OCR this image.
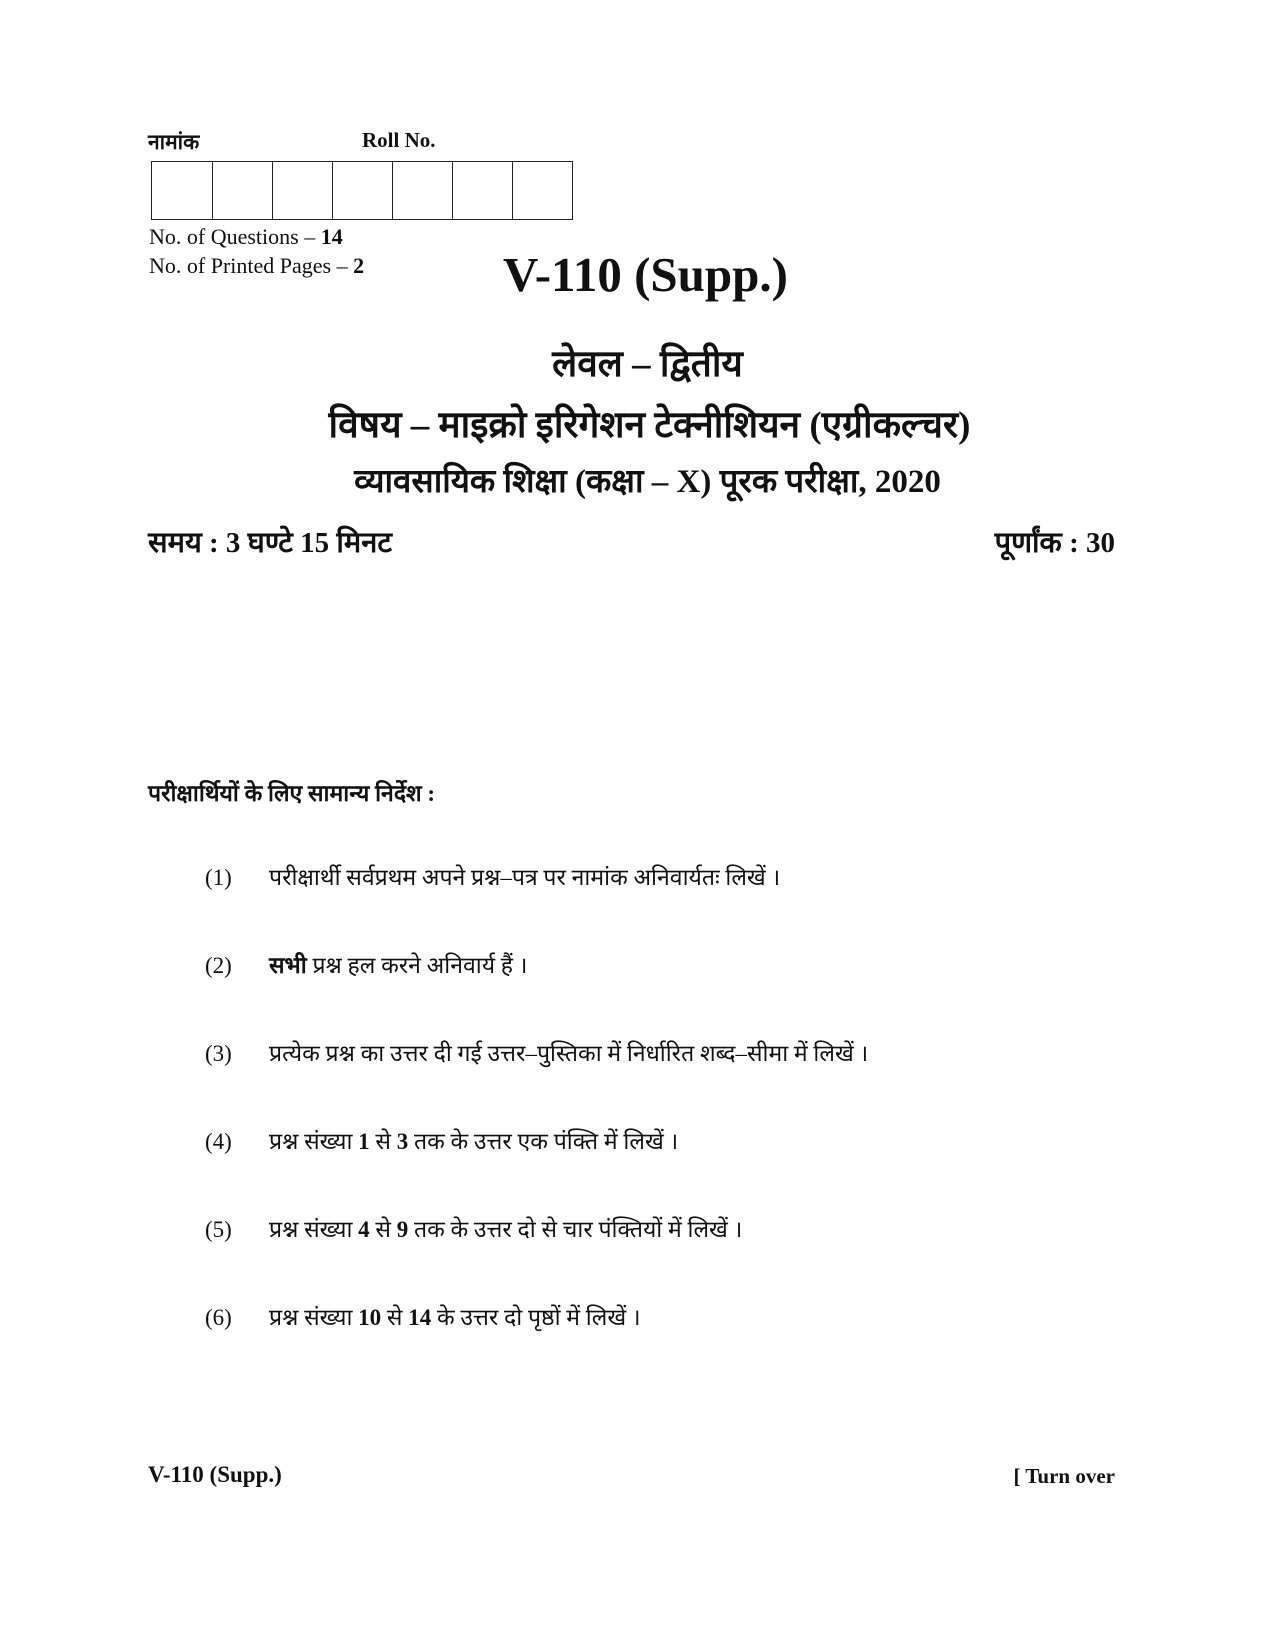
नामांक	Roll No.
No. of Questions – 14
No. of Printed Pages – 2	V-110 (Supp.)
लेवल – द्वितीय
विषय – माइक्रो इरिगेशन टेक्नीशियन (एग्रीकल्चर)
व्यावसायिक शिक्षा (कक्षा – X) पूरक परीक्षा, 2020
समय : 3 घण्टे 15 मिनट	पूर्णांक : 30
परीक्षार्थियों के लिए सामान्य निर्देश :
(1)	परीक्षार्थी सर्वप्रथम अपने प्रश्न–पत्र पर नामांक अनिवार्यतः लिखें ।
(2)	सभी प्रश्न हल करने अनिवार्य हैं ।
(3)	प्रत्येक प्रश्न का उत्तर दी गई उत्तर–पुस्तिका में निर्धारित शब्द–सीमा में लिखें ।
(4)	प्रश्न संख्या 1 से 3 तक के उत्तर एक पंक्ति में लिखें ।
(5)	प्रश्न संख्या 4 से 9 तक के उत्तर दो से चार पंक्तियों में लिखें ।
(6)	प्रश्न संख्या 10 से 14 के उत्तर दो पृष्ठों में लिखें ।
V-110 (Supp.)	[ Turn over
